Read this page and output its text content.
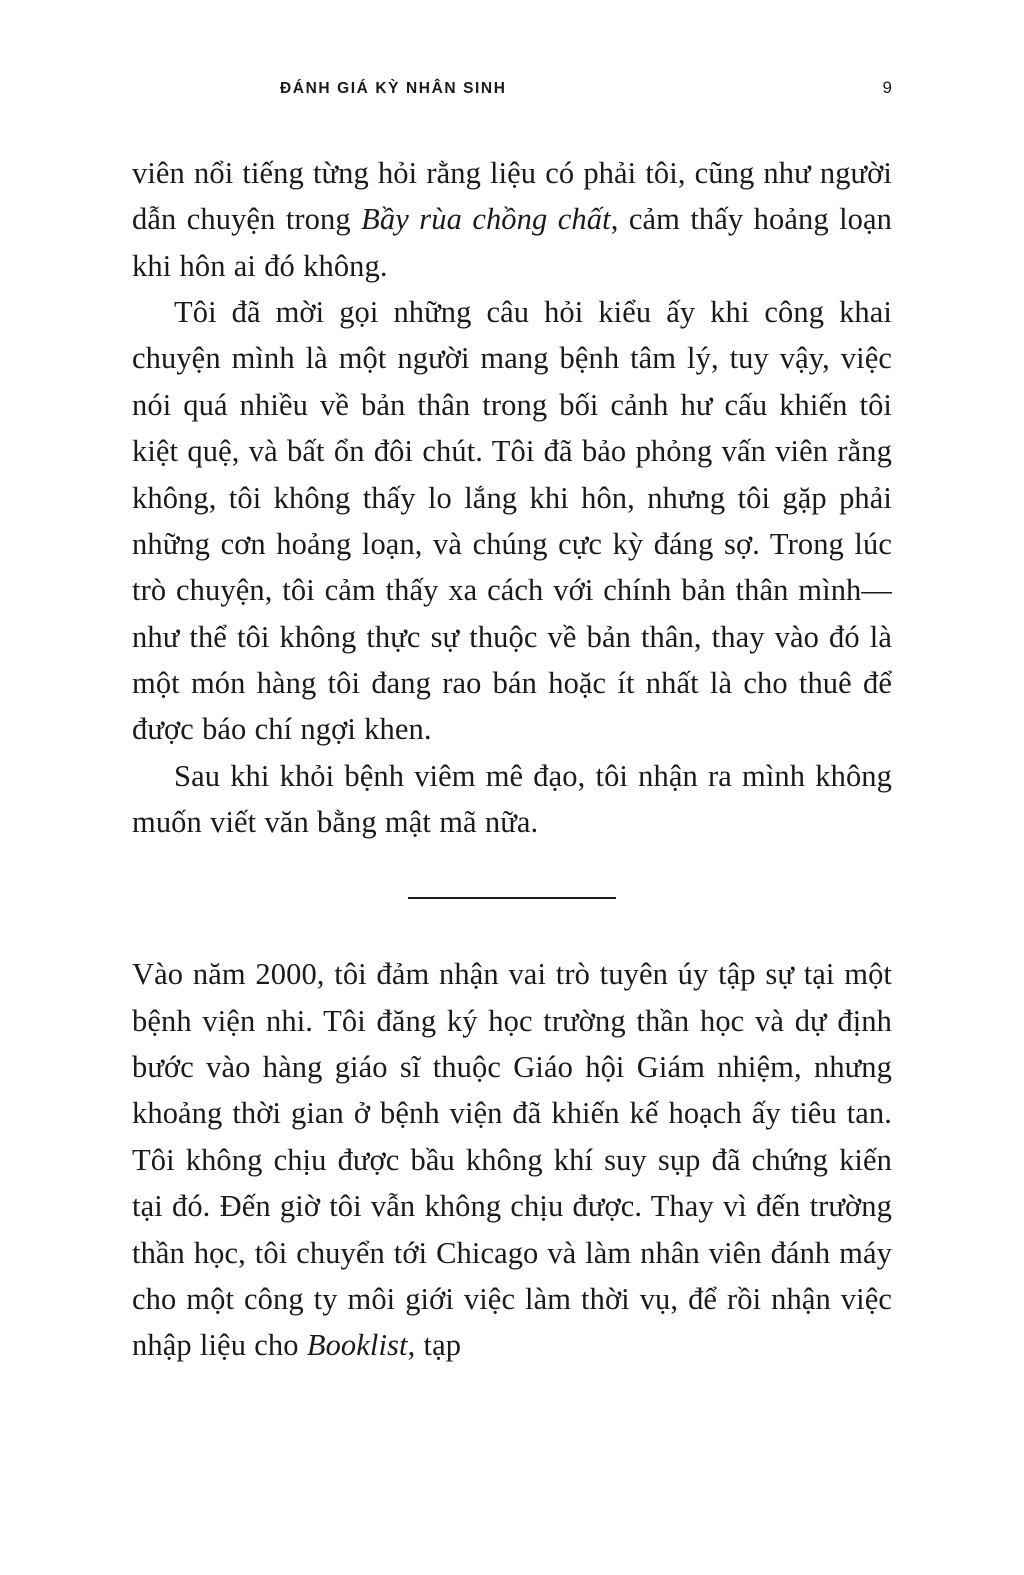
ĐÁNH GIÁ KỲ NHÂN SINH	9

viên nổi tiếng từng hỏi rằng liệu có phải tôi, cũng như người dẫn chuyện trong Bầy rùa chồng chất, cảm thấy hoảng loạn khi hôn ai đó không.

Tôi đã mời gọi những câu hỏi kiểu ấy khi công khai chuyện mình là một người mang bệnh tâm lý, tuy vậy, việc nói quá nhiều về bản thân trong bối cảnh hư cấu khiến tôi kiệt quệ, và bất ổn đôi chút. Tôi đã bảo phỏng vấn viên rằng không, tôi không thấy lo lắng khi hôn, nhưng tôi gặp phải những cơn hoảng loạn, và chúng cực kỳ đáng sợ. Trong lúc trò chuyện, tôi cảm thấy xa cách với chính bản thân mình—như thể tôi không thực sự thuộc về bản thân, thay vào đó là một món hàng tôi đang rao bán hoặc ít nhất là cho thuê để được báo chí ngợi khen.

Sau khi khỏi bệnh viêm mê đạo, tôi nhận ra mình không muốn viết văn bằng mật mã nữa.

Vào năm 2000, tôi đảm nhận vai trò tuyên úy tập sự tại một bệnh viện nhi. Tôi đăng ký học trường thần học và dự định bước vào hàng giáo sĩ thuộc Giáo hội Giám nhiệm, nhưng khoảng thời gian ở bệnh viện đã khiến kế hoạch ấy tiêu tan. Tôi không chịu được bầu không khí suy sụp đã chứng kiến tại đó. Đến giờ tôi vẫn không chịu được. Thay vì đến trường thần học, tôi chuyển tới Chicago và làm nhân viên đánh máy cho một công ty môi giới việc làm thời vụ, để rồi nhận việc nhập liệu cho Booklist, tạp
